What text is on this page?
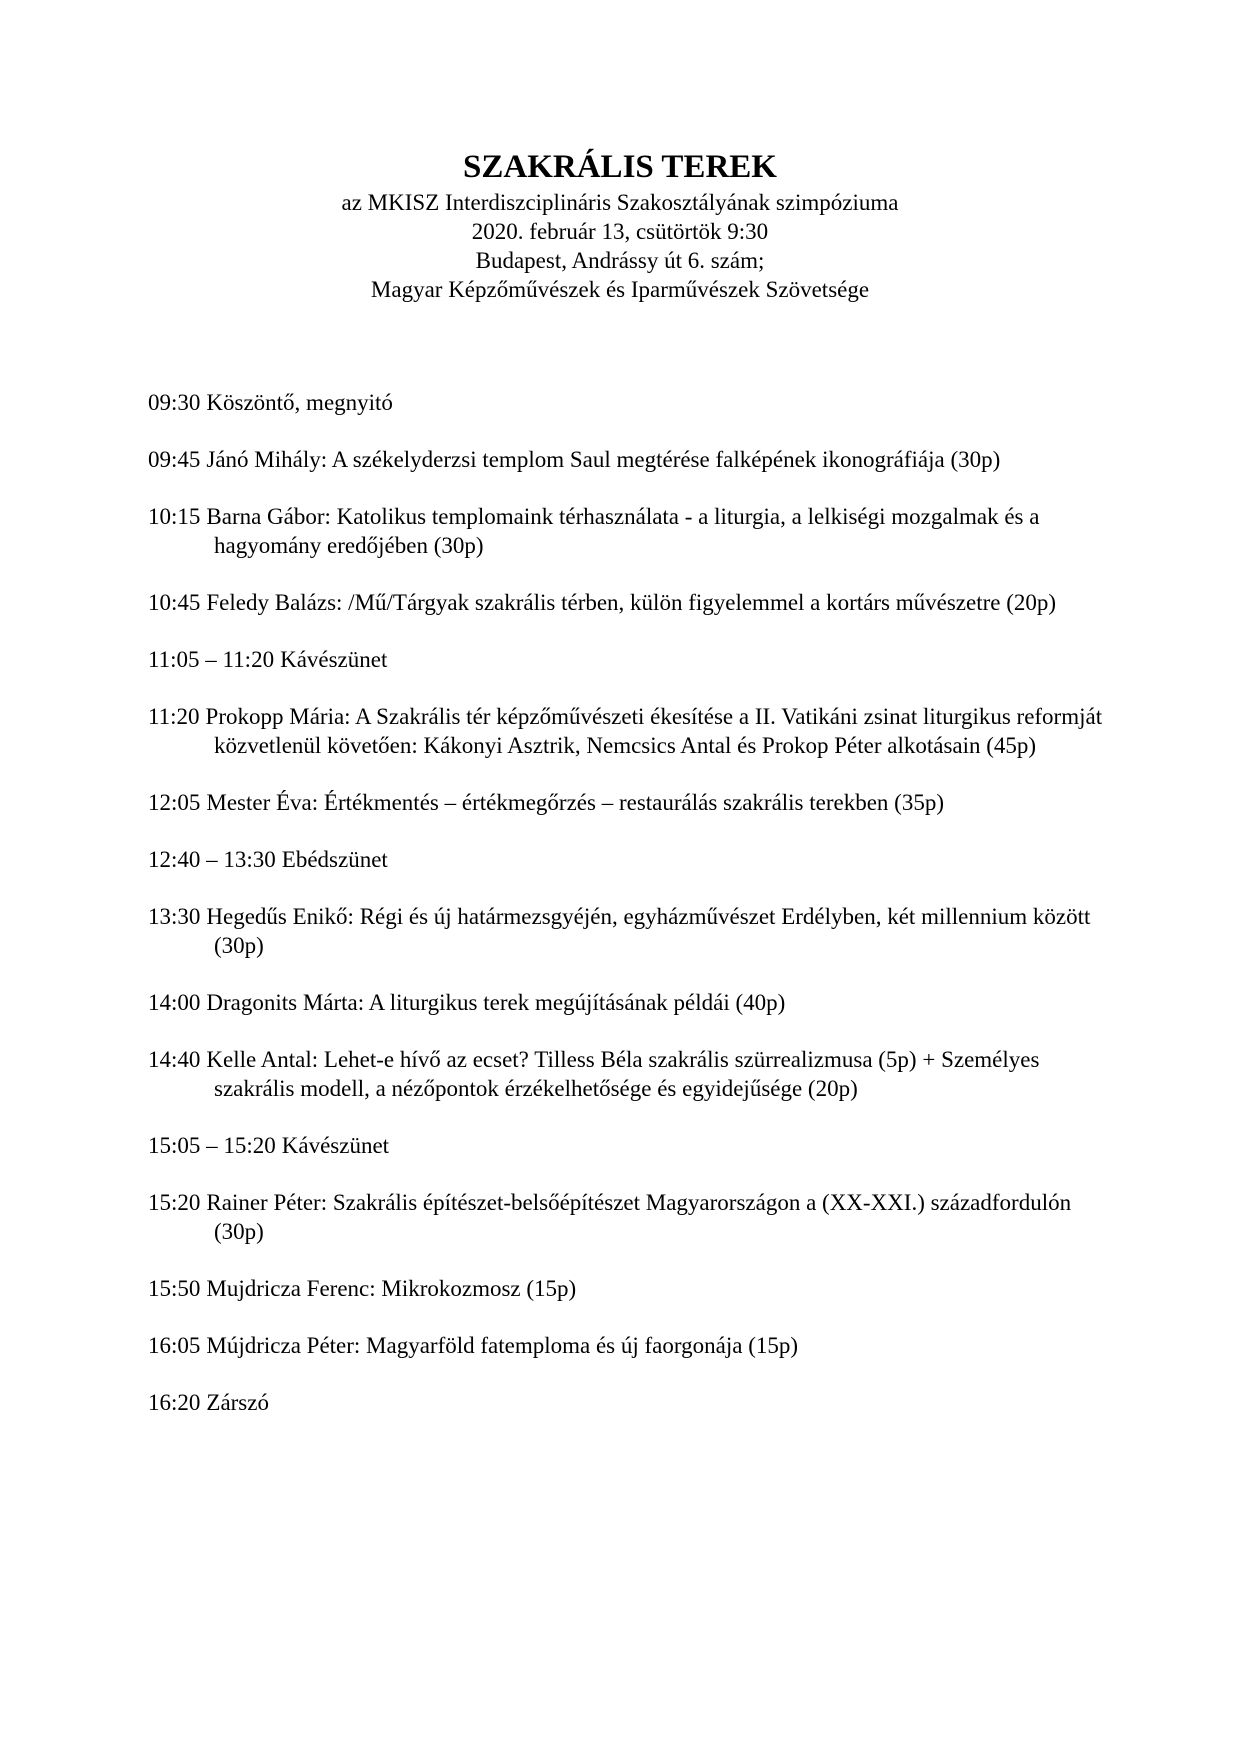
SZAKRÁLIS TEREK
az MKISZ Interdiszciplináris Szakosztályának szimpóziuma
2020. február 13, csütörtök 9:30
Budapest, Andrássy út 6. szám;
Magyar Képzőművészek és Iparművészek Szövetsége
09:30 Köszöntő, megnyitó
09:45 Jánó Mihály: A székelyderzsi templom Saul megtérése falképének ikonográfiája (30p)
10:15 Barna Gábor: Katolikus templomaink térhasználata - a liturgia, a lelkiségi mozgalmak és a hagyomány eredőjében (30p)
10:45 Feledy Balázs: /Mű/Tárgyak szakrális térben, külön figyelemmel a kortárs művészetre (20p)
11:05 – 11:20 Kávészünet
11:20 Prokopp Mária: A Szakrális tér képzőművészeti ékesítése a II. Vatikáni zsinat liturgikus reformját közvetlenül követően: Kákonyi Asztrik, Nemcsics Antal és Prokop Péter alkotásain (45p)
12:05 Mester Éva: Értékmentés – értékmegőrzés – restaurálás szakrális terekben (35p)
12:40 – 13:30 Ebédszünet
13:30 Hegedűs Enikő: Régi és új határmezsgyéjén, egyházművészet Erdélyben, két millennium között (30p)
14:00 Dragonits Márta: A liturgikus terek megújításának példái (40p)
14:40 Kelle Antal: Lehet-e hívő az ecset? Tilless Béla szakrális szürrealizmusa (5p) + Személyes szakrális modell, a nézőpontok érzékelhetősége és egyidejűsége (20p)
15:05 – 15:20 Kávészünet
15:20 Rainer Péter: Szakrális építészet-belsőépítészet Magyarországon a (XX-XXI.) századfordulón (30p)
15:50 Mujdricza Ferenc: Mikrokozmosz (15p)
16:05 Mújdricza Péter: Magyarföld fatemploma és új faorgonája (15p)
16:20 Zárszó
